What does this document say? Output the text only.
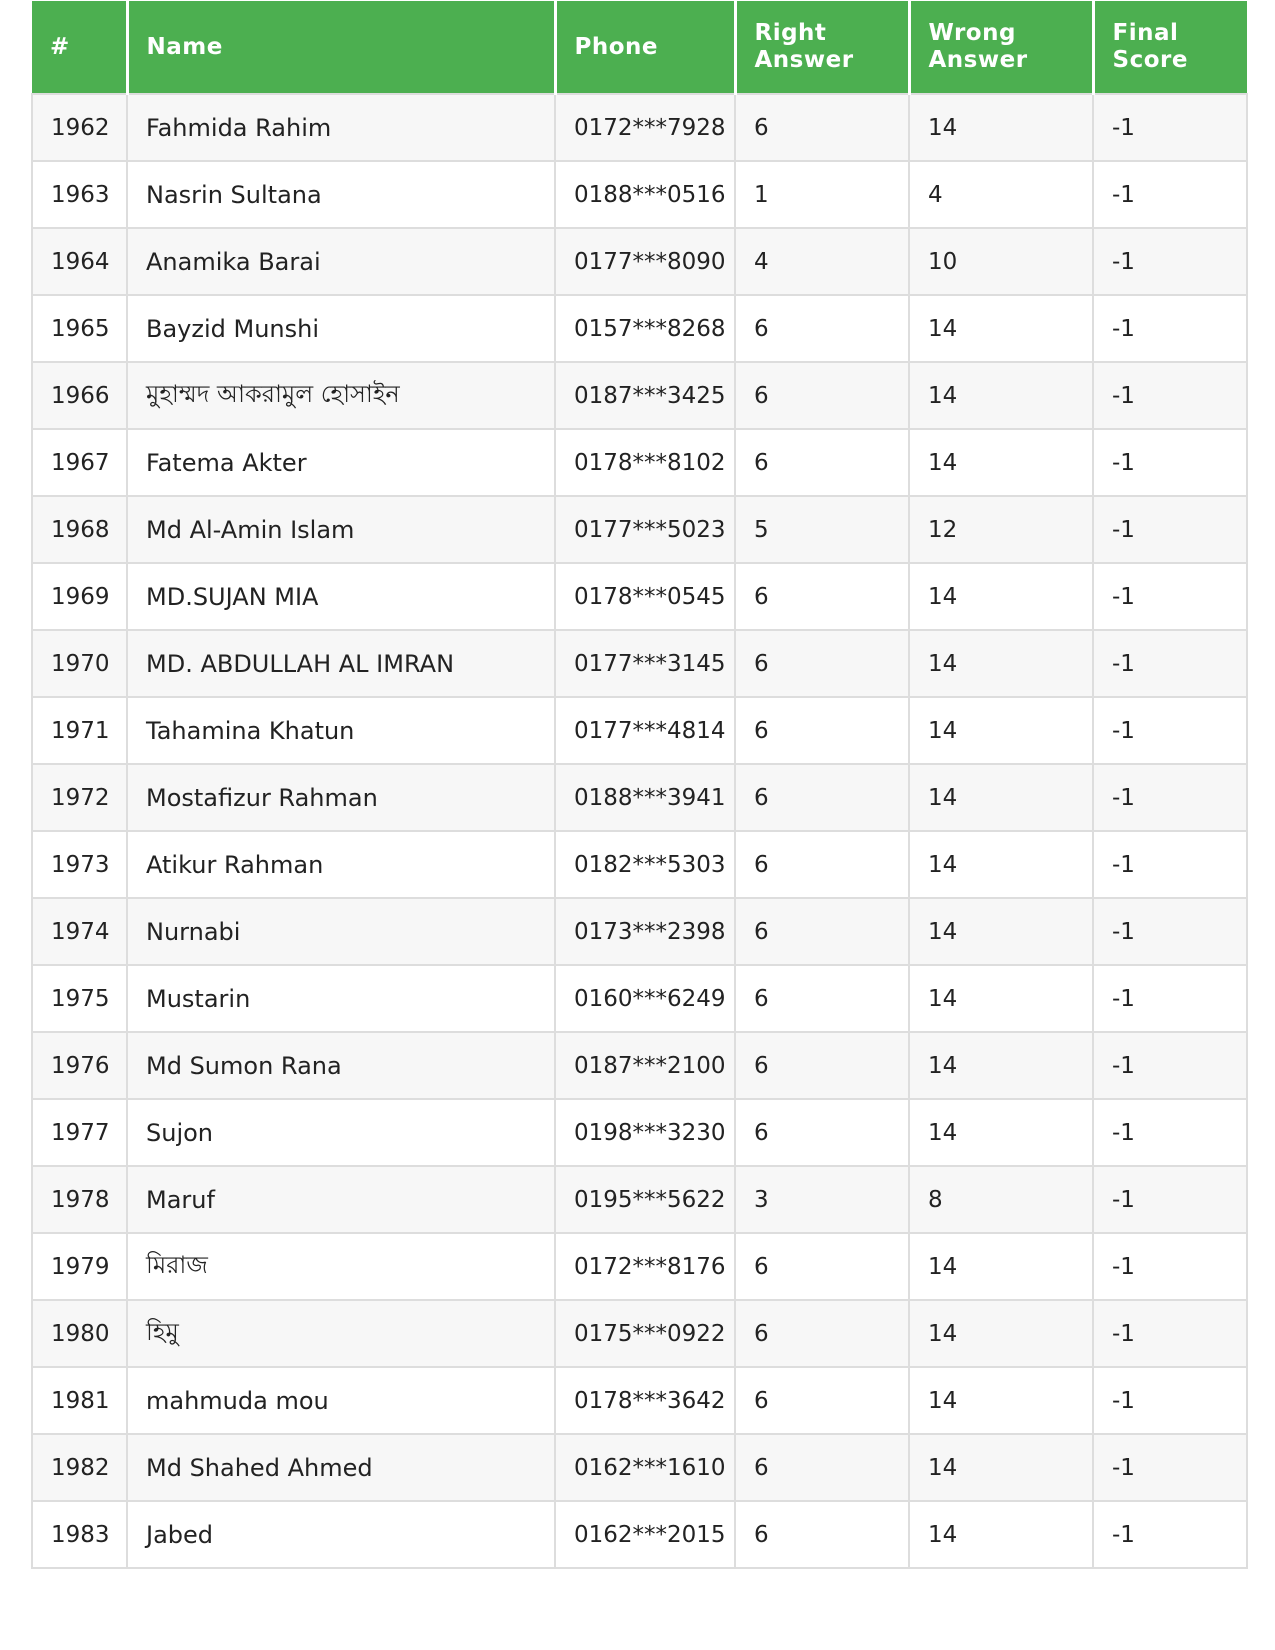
#	Name	Phone	Right Answer	Wrong Answer	Final Score
1962	Fahmida Rahim	0172***7928	6	14	-1
1963	Nasrin Sultana	0188***0516	1	4	-1
1964	Anamika Barai	0177***8090	4	10	-1
1965	Bayzid Munshi	0157***8268	6	14	-1
1966	মুহাম্মদ আকরামুল হোসাইন	0187***3425	6	14	-1
1967	Fatema Akter	0178***8102	6	14	-1
1968	Md Al-Amin Islam	0177***5023	5	12	-1
1969	MD.SUJAN MIA	0178***0545	6	14	-1
1970	MD. ABDULLAH AL IMRAN	0177***3145	6	14	-1
1971	Tahamina Khatun	0177***4814	6	14	-1
1972	Mostafizur Rahman	0188***3941	6	14	-1
1973	Atikur Rahman	0182***5303	6	14	-1
1974	Nurnabi	0173***2398	6	14	-1
1975	Mustarin	0160***6249	6	14	-1
1976	Md Sumon Rana	0187***2100	6	14	-1
1977	Sujon	0198***3230	6	14	-1
1978	Maruf	0195***5622	3	8	-1
1979	মিরাজ	0172***8176	6	14	-1
1980	হিমু	0175***0922	6	14	-1
1981	mahmuda mou	0178***3642	6	14	-1
1982	Md Shahed Ahmed	0162***1610	6	14	-1
1983	Jabed	0162***2015	6	14	-1
